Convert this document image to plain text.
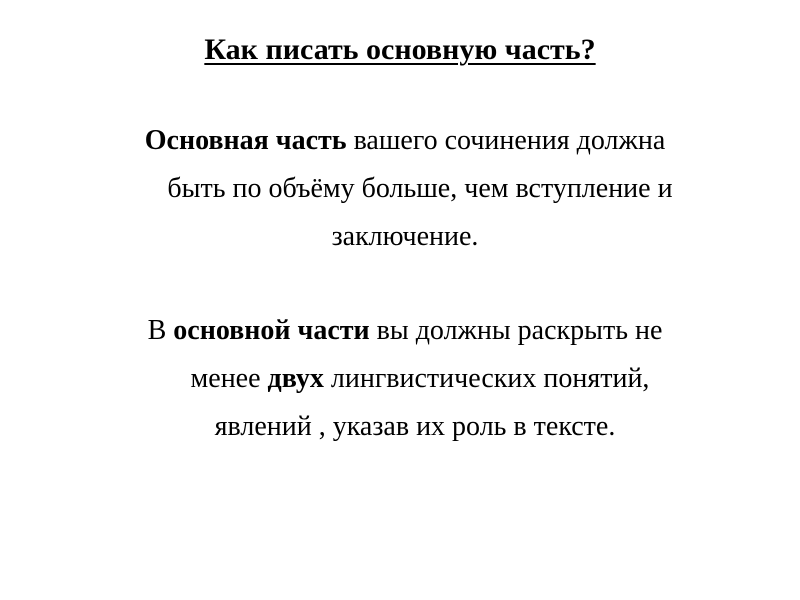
Как писать основную часть?
Основная часть вашего сочинения должна
быть по объёму больше, чем вступление и
заключение.
В основной части вы должны раскрыть не
менее двух лингвистических понятий,
явлений , указав их роль в тексте.
